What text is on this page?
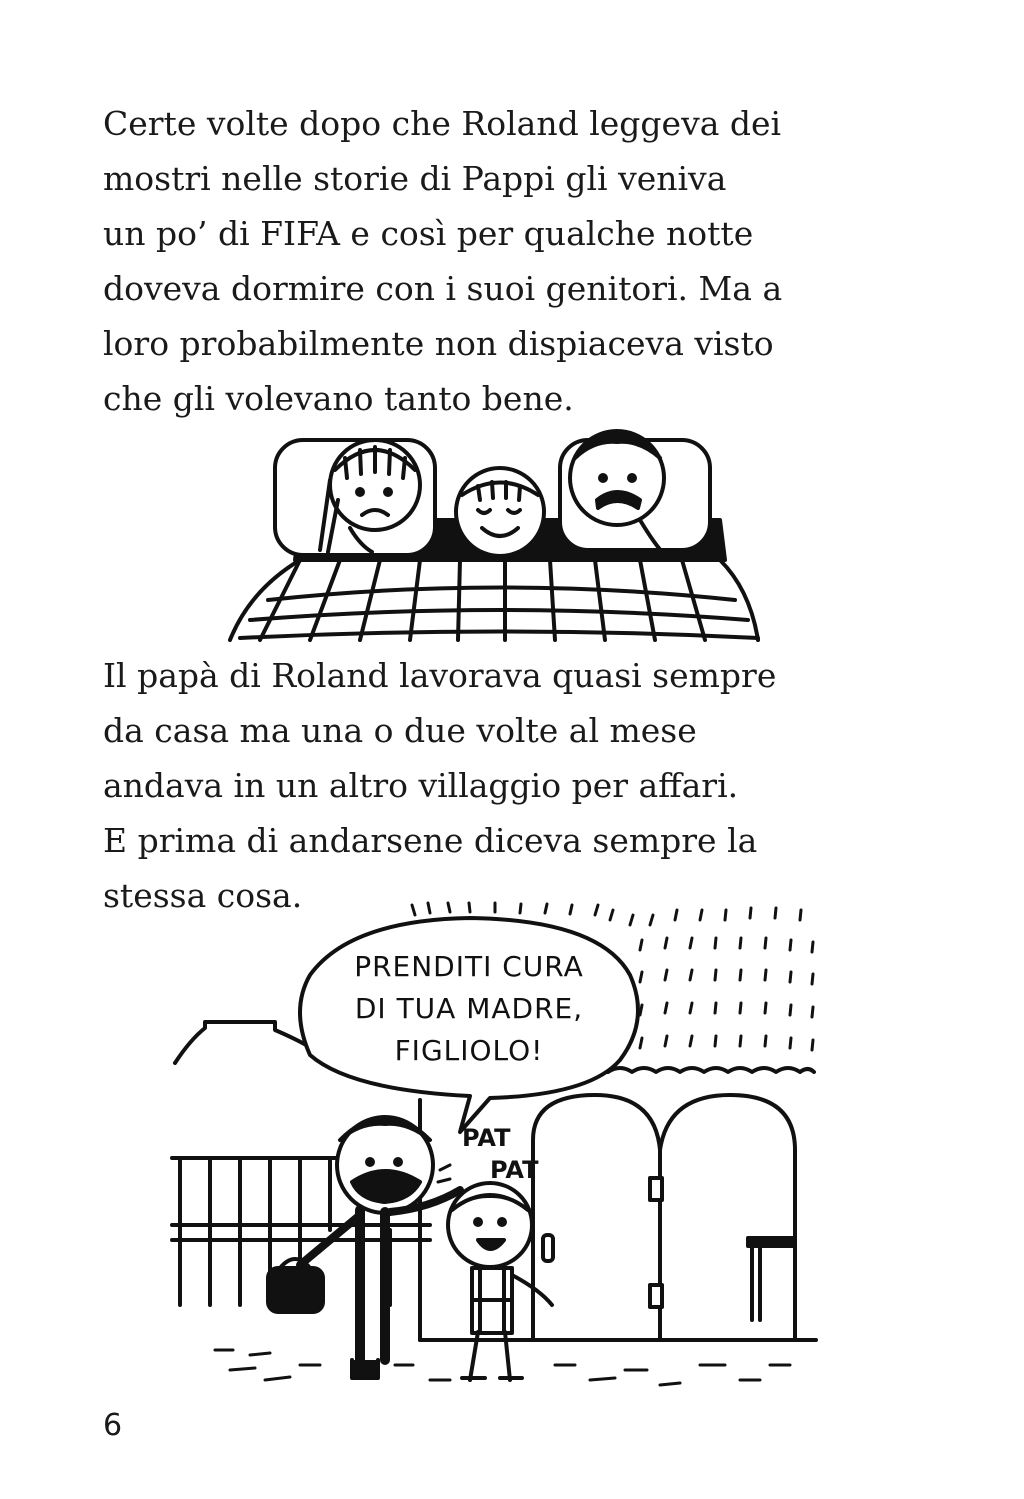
Certe volte dopo che Roland leggeva dei
mostri nelle storie di Pappi gli veniva
un po’ di FIFA e così per qualche notte
doveva dormire con i suoi genitori. Ma a
loro probabilmente non dispiaceva visto
che gli volevano tanto bene.
Il papà di Roland lavorava quasi sempre
da casa ma una o due volte al mese
andava in un altro villaggio per affari.
E prima di andarsene diceva sempre la
stessa cosa.
PRENDITI CURA
DI TUA MADRE,
FIGLIOLO!
PAT
PAT
6
